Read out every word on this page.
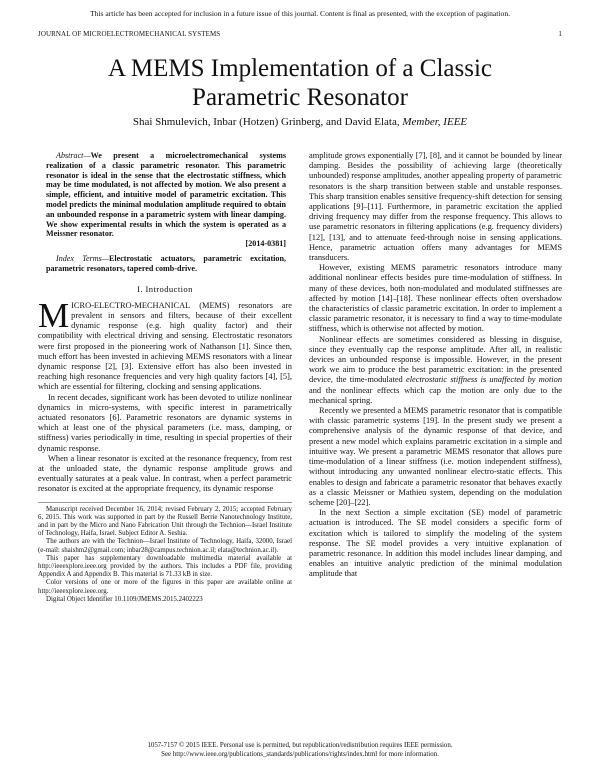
This article has been accepted for inclusion in a future issue of this journal. Content is final as presented, with the exception of pagination.
JOURNAL OF MICROELECTROMECHANICAL SYSTEMS	1
A MEMS Implementation of a Classic
Parametric Resonator
Shai Shmulevich, Inbar (Hotzen) Grinberg, and David Elata, Member, IEEE

Abstract—We present a microelectromechanical systems realization of a classic parametric resonator. This parametric resonator is ideal in the sense that the electrostatic stiffness, which may be time modulated, is not affected by motion. We also present a simple, efficient, and intuitive model of parametric excitation. This model predicts the minimal modulation amplitude required to obtain an unbounded response in a parametric system with linear damping. We show experimental results in which the system is operated as a Meissner resonator.
[2014-0381]

Index Terms—Electrostatic actuators, parametric excitation, parametric resonators, tapered comb-drive.

I. Introduction

MICRO-ELECTRO-MECHANICAL (MEMS) resonators are prevalent in sensors and filters, because of their excellent dynamic response (e.g. high quality factor) and their compatibility with electrical driving and sensing. Electrostatic resonators were first proposed in the pioneering work of Nathanson [1]. Since then, much effort has been invested in achieving MEMS resonators with a linear dynamic response [2], [3]. Extensive effort has also been invested in reaching high resonance frequencies and very high quality factors [4], [5], which are essential for filtering, clocking and sensing applications.

In recent decades, significant work has been devoted to utilize nonlinear dynamics in micro-systems, with specific interest in parametrically actuated resonators [6]. Parametric resonators are dynamic systems in which at least one of the physical parameters (i.e. mass, damping, or stiffness) varies periodically in time, resulting in special properties of their dynamic response.

When a linear resonator is excited at the resonance frequency, from rest at the unloaded state, the dynamic response amplitude grows and eventually saturates at a peak value. In contrast, when a perfect parametric resonator is excited at the appropriate frequency, its dynamic response

Manuscript received December 16, 2014; revised February 2, 2015; accepted February 6, 2015. This work was supported in part by the Russell Berrie Nanotechnology Institute, and in part by the Micro and Nano Fabrication Unit through the Technion—Israel Institute of Technology, Haifa, Israel. Subject Editor A. Seshia.

The authors are with the Technion—Israel Institute of Technology, Haifa, 32000, Israel (e-mail: shaishm2@gmail.com; inbar28@campus.technion.ac.il; elata@technion.ac.il).

This paper has supplementary downloadable multimedia material available at http://ieeexplore.ieee.org provided by the authors. This includes a PDF file, providing Appendix A and Appendix B. This material is 71.33 kB in size.

Color versions of one or more of the figures in this paper are available online at http://ieeexplore.ieee.org.

Digital Object Identifier 10.1109/JMEMS.2015.2402223

amplitude grows exponentially [7], [8], and it cannot be bounded by linear damping. Besides the possibility of achieving large (theoretically unbounded) response amplitudes, another appealing property of parametric resonators is the sharp transition between stable and unstable responses. This sharp transition enables sensitive frequency-shift detection for sensing applications [9]–[11]. Furthermore, in parametric excitation the applied driving frequency may differ from the response frequency. This allows to use parametric resonators in filtering applications (e.g. frequency dividers) [12], [13], and to attenuate feed-through noise in sensing applications. Hence, parametric actuation offers many advantages for MEMS transducers.

However, existing MEMS parametric resonators introduce many additional nonlinear effects besides pure time-modulation of stiffness. In many of these devices, both non-modulated and modulated stiffnesses are affected by motion [14]–[18]. These nonlinear effects often overshadow the characteristics of classic parametric excitation. In order to implement a classic parametric resonator, it is necessary to find a way to time-modulate stiffness, which is otherwise not affected by motion.

Nonlinear effects are sometimes considered as blessing in disguise, since they eventually cap the response amplitude. After all, in realistic devices an unbounded response is impossible. However, in the present work we aim to produce the best parametric excitation: in the presented device, the time-modulated electrostatic stiffness is unaffected by motion and the nonlinear effects which cap the motion are only due to the mechanical spring.

Recently we presented a MEMS parametric resonator that is compatible with classic parametric systems [19]. In the present study we present a comprehensive analysis of the dynamic response of that device, and present a new model which explains parametric excitation in a simple and intuitive way. We present a parametric MEMS resonator that allows pure time-modulation of a linear stiffness (i.e. motion independent stiffness), without introducing any unwanted nonlinear electro-static effects. This enables to design and fabricate a parametric resonator that behaves exactly as a classic Meissner or Mathieu system, depending on the modulation scheme [20]–[22].

In the next Section a simple excitation (SE) model of parametric actuation is introduced. The SE model considers a specific form of excitation which is tailored to simplify the modeling of the system response. The SE model provides a very intuitive explanation of parametric resonance. In addition this model includes linear damping, and enables an intuitive analytic prediction of the minimal modulation amplitude that

1057-7157 © 2015 IEEE. Personal use is permitted, but republication/redistribution requires IEEE permission.
See http://www.ieee.org/publications_standards/publications/rights/index.html for more information.
